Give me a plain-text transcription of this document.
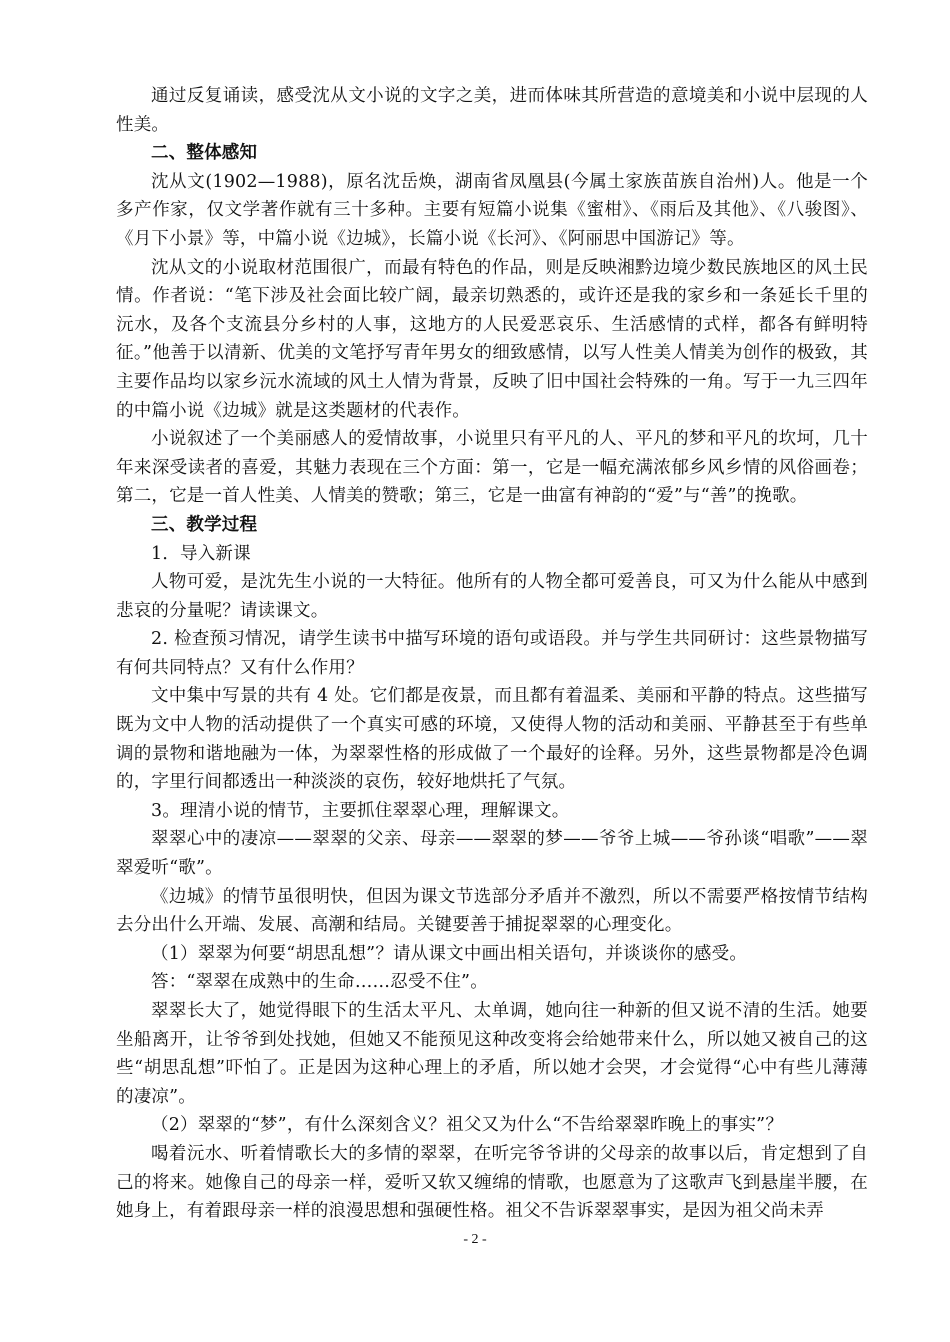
通过反复诵读，感受沈从文小说的文字之美，进而体味其所营造的意境美和小说中层现的人性美。

二、整体感知

沈从文(1902—1988)，原名沈岳焕，湖南省凤凰县(今属土家族苗族自治州)人。他是一个多产作家，仅文学著作就有三十多种。主要有短篇小说集《蜜柑》、《雨后及其他》、《八骏图》、《月下小景》等，中篇小说《边城》，长篇小说《长河》、《阿丽思中国游记》等。

沈从文的小说取材范围很广，而最有特色的作品，则是反映湘黔边境少数民族地区的风土民情。作者说：“笔下涉及社会面比较广阔，最亲切熟悉的，或许还是我的家乡和一条延长千里的沅水，及各个支流县分乡村的人事，这地方的人民爱恶哀乐、生活感情的式样，都各有鲜明特征。”他善于以清新、优美的文笔抒写青年男女的细致感情，以写人性美人情美为创作的极致，其主要作品均以家乡沅水流域的风土人情为背景，反映了旧中国社会特殊的一角。写于一九三四年的中篇小说《边城》就是这类题材的代表作。

小说叙述了一个美丽感人的爱情故事，小说里只有平凡的人、平凡的梦和平凡的坎坷，几十年来深受读者的喜爱，其魅力表现在三个方面：第一，它是一幅充满浓郁乡风乡情的风俗画卷；第二，它是一首人性美、人情美的赞歌；第三，它是一曲富有神韵的“爱”与“善”的挽歌。

三、教学过程

1．导入新课

人物可爱，是沈先生小说的一大特征。他所有的人物全都可爱善良，可又为什么能从中感到悲哀的分量呢？请读课文。

2. 检查预习情况，请学生读书中描写环境的语句或语段。并与学生共同研讨：这些景物描写有何共同特点？又有什么作用？

文中集中写景的共有 4 处。它们都是夜景，而且都有着温柔、美丽和平静的特点。这些描写既为文中人物的活动提供了一个真实可感的环境，又使得人物的活动和美丽、平静甚至于有些单调的景物和谐地融为一体，为翠翠性格的形成做了一个最好的诠释。另外，这些景物都是冷色调的，字里行间都透出一种淡淡的哀伤，较好地烘托了气氛。

3。理清小说的情节，主要抓住翠翠心理，理解课文。

翠翠心中的凄凉——翠翠的父亲、母亲——翠翠的梦——爷爷上城——爷孙谈“唱歌”——翠翠爱听“歌”。

《边城》的情节虽很明快，但因为课文节选部分矛盾并不激烈，所以不需要严格按情节结构去分出什么开端、发展、高潮和结局。关键要善于捕捉翠翠的心理变化。

（1）翠翠为何要“胡思乱想”？请从课文中画出相关语句，并谈谈你的感受。

答：“翠翠在成熟中的生命……忍受不住”。

翠翠长大了，她觉得眼下的生活太平凡、太单调，她向往一种新的但又说不清的生活。她要坐船离开，让爷爷到处找她，但她又不能预见这种改变将会给她带来什么，所以她又被自己的这些“胡思乱想”吓怕了。正是因为这种心理上的矛盾，所以她才会哭，才会觉得“心中有些儿薄薄的凄凉”。

（2）翠翠的“梦”，有什么深刻含义？祖父又为什么“不告给翠翠昨晚上的事实”？

喝着沅水、听着情歌长大的多情的翠翠，在听完爷爷讲的父母亲的故事以后，肯定想到了自己的将来。她像自己的母亲一样，爱听又软又缠绵的情歌，也愿意为了这歌声飞到悬崖半腰，在她身上，有着跟母亲一样的浪漫思想和强硬性格。祖父不告诉翠翠事实，是因为祖父尚未弄

- 2 -
